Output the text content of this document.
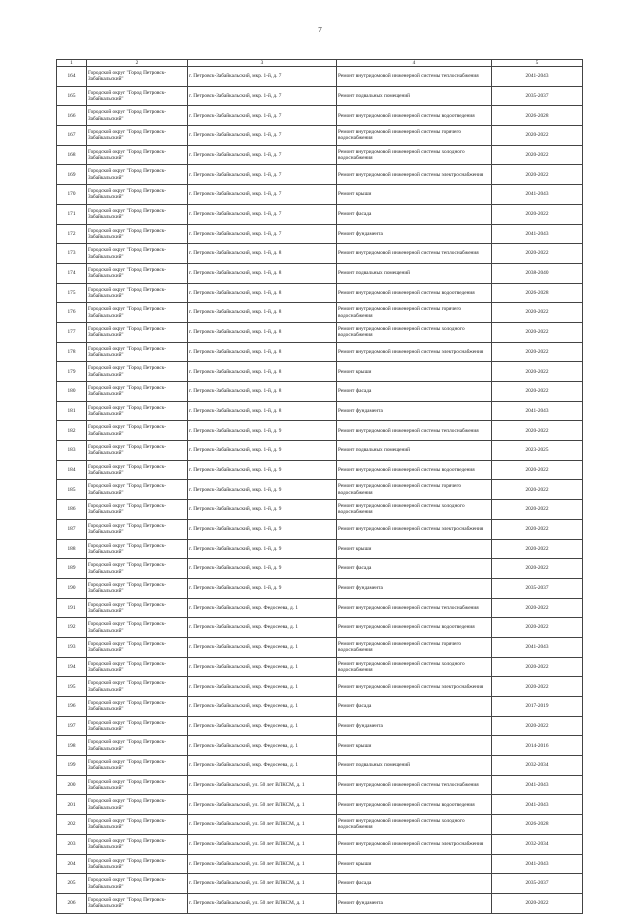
7
1	2	3	4	5
164	Городской округ "Город Петровск-Забайкальский"	г. Петровск-Забайкальский, мкр. 1-й, д. 7	Ремонт внутридомовой инженерной системы теплоснабжения	2041-2043
165	Городской округ "Город Петровск-Забайкальский"	г. Петровск-Забайкальский, мкр. 1-й, д. 7	Ремонт подвальных помещений	2035-2037
166	Городской округ "Город Петровск-Забайкальский"	г. Петровск-Забайкальский, мкр. 1-й, д. 7	Ремонт внутридомовой инженерной системы водоотведения	2026-2028
167	Городской округ "Город Петровск-Забайкальский"	г. Петровск-Забайкальский, мкр. 1-й, д. 7	Ремонт внутридомовой инженерной системы горячего водоснабжения	2020-2022
168	Городской округ "Город Петровск-Забайкальский"	г. Петровск-Забайкальский, мкр. 1-й, д. 7	Ремонт внутридомовой инженерной системы холодного водоснабжения	2020-2022
169	Городской округ "Город Петровск-Забайкальский"	г. Петровск-Забайкальский, мкр. 1-й, д. 7	Ремонт внутридомовой инженерной системы электроснабжения	2020-2022
170	Городской округ "Город Петровск-Забайкальский"	г. Петровск-Забайкальский, мкр. 1-й, д. 7	Ремонт крыши	2041-2043
171	Городской округ "Город Петровск-Забайкальский"	г. Петровск-Забайкальский, мкр. 1-й, д. 7	Ремонт фасада	2020-2022
172	Городской округ "Город Петровск-Забайкальский"	г. Петровск-Забайкальский, мкр. 1-й, д. 7	Ремонт фундамента	2041-2043
173	Городской округ "Город Петровск-Забайкальский"	г. Петровск-Забайкальский, мкр. 1-й, д. 8	Ремонт внутридомовой инженерной системы теплоснабжения	2020-2022
174	Городской округ "Город Петровск-Забайкальский"	г. Петровск-Забайкальский, мкр. 1-й, д. 8	Ремонт подвальных помещений	2038-2040
175	Городской округ "Город Петровск-Забайкальский"	г. Петровск-Забайкальский, мкр. 1-й, д. 8	Ремонт внутридомовой инженерной системы водоотведения	2026-2028
176	Городской округ "Город Петровск-Забайкальский"	г. Петровск-Забайкальский, мкр. 1-й, д. 8	Ремонт внутридомовой инженерной системы горячего водоснабжения	2020-2022
177	Городской округ "Город Петровск-Забайкальский"	г. Петровск-Забайкальский, мкр. 1-й, д. 8	Ремонт внутридомовой инженерной системы холодного водоснабжения	2020-2022
178	Городской округ "Город Петровск-Забайкальский"	г. Петровск-Забайкальский, мкр. 1-й, д. 8	Ремонт внутридомовой инженерной системы электроснабжения	2020-2022
179	Городской округ "Город Петровск-Забайкальский"	г. Петровск-Забайкальский, мкр. 1-й, д. 8	Ремонт крыши	2020-2022
180	Городской округ "Город Петровск-Забайкальский"	г. Петровск-Забайкальский, мкр. 1-й, д. 8	Ремонт фасада	2020-2022
181	Городской округ "Город Петровск-Забайкальский"	г. Петровск-Забайкальский, мкр. 1-й, д. 8	Ремонт фундамента	2041-2043
182	Городской округ "Город Петровск-Забайкальский"	г. Петровск-Забайкальский, мкр. 1-й, д. 9	Ремонт внутридомовой инженерной системы теплоснабжения	2020-2022
183	Городской округ "Город Петровск-Забайкальский"	г. Петровск-Забайкальский, мкр. 1-й, д. 9	Ремонт подвальных помещений	2023-2025
184	Городской округ "Город Петровск-Забайкальский"	г. Петровск-Забайкальский, мкр. 1-й, д. 9	Ремонт внутридомовой инженерной системы водоотведения	2020-2022
185	Городской округ "Город Петровск-Забайкальский"	г. Петровск-Забайкальский, мкр. 1-й, д. 9	Ремонт внутридомовой инженерной системы горячего водоснабжения	2020-2022
186	Городской округ "Город Петровск-Забайкальский"	г. Петровск-Забайкальский, мкр. 1-й, д. 9	Ремонт внутридомовой инженерной системы холодного водоснабжения	2020-2022
187	Городской округ "Город Петровск-Забайкальский"	г. Петровск-Забайкальский, мкр. 1-й, д. 9	Ремонт внутридомовой инженерной системы электроснабжения	2020-2022
188	Городской округ "Город Петровск-Забайкальский"	г. Петровск-Забайкальский, мкр. 1-й, д. 9	Ремонт крыши	2020-2022
189	Городской округ "Город Петровск-Забайкальский"	г. Петровск-Забайкальский, мкр. 1-й, д. 9	Ремонт фасада	2020-2022
190	Городской округ "Город Петровск-Забайкальский"	г. Петровск-Забайкальский, мкр. 1-й, д. 9	Ремонт фундамента	2035-2037
191	Городской округ "Город Петровск-Забайкальский"	г. Петровск-Забайкальский, мкр. Федосеева, д. 1	Ремонт внутридомовой инженерной системы теплоснабжения	2020-2022
192	Городской округ "Город Петровск-Забайкальский"	г. Петровск-Забайкальский, мкр. Федосеева, д. 1	Ремонт внутридомовой инженерной системы водоотведения	2020-2022
193	Городской округ "Город Петровск-Забайкальский"	г. Петровск-Забайкальский, мкр. Федосеева, д. 1	Ремонт внутридомовой инженерной системы горячего водоснабжения	2041-2043
194	Городской округ "Город Петровск-Забайкальский"	г. Петровск-Забайкальский, мкр. Федосеева, д. 1	Ремонт внутридомовой инженерной системы холодного водоснабжения	2020-2022
195	Городской округ "Город Петровск-Забайкальский"	г. Петровск-Забайкальский, мкр. Федосеева, д. 1	Ремонт внутридомовой инженерной системы электроснабжения	2020-2022
196	Городской округ "Город Петровск-Забайкальский"	г. Петровск-Забайкальский, мкр. Федосеева, д. 1	Ремонт фасада	2017-2019
197	Городской округ "Город Петровск-Забайкальский"	г. Петровск-Забайкальский, мкр. Федосеева, д. 1	Ремонт фундамента	2020-2022
198	Городской округ "Город Петровск-Забайкальский"	г. Петровск-Забайкальский, мкр. Федосеева, д. 1	Ремонт крыши	2014-2016
199	Городской округ "Город Петровск-Забайкальский"	г. Петровск-Забайкальский, мкр. Федосеева, д. 1	Ремонт подвальных помещений	2032-2034
200	Городской округ "Город Петровск-Забайкальский"	г. Петровск-Забайкальский, ул. 50 лет ВЛКСМ, д. 1	Ремонт внутридомовой инженерной системы теплоснабжения	2041-2043
201	Городской округ "Город Петровск-Забайкальский"	г. Петровск-Забайкальский, ул. 50 лет ВЛКСМ, д. 1	Ремонт внутридомовой инженерной системы водоотведения	2041-2043
202	Городской округ "Город Петровск-Забайкальский"	г. Петровск-Забайкальский, ул. 50 лет ВЛКСМ, д. 1	Ремонт внутридомовой инженерной системы холодного водоснабжения	2026-2028
203	Городской округ "Город Петровск-Забайкальский"	г. Петровск-Забайкальский, ул. 50 лет ВЛКСМ, д. 1	Ремонт внутридомовой инженерной системы электроснабжения	2032-2034
204	Городской округ "Город Петровск-Забайкальский"	г. Петровск-Забайкальский, ул. 50 лет ВЛКСМ, д. 1	Ремонт крыши	2041-2043
205	Городской округ "Город Петровск-Забайкальский"	г. Петровск-Забайкальский, ул. 50 лет ВЛКСМ, д. 1	Ремонт фасада	2035-2037
206	Городской округ "Город Петровск-Забайкальский"	г. Петровск-Забайкальский, ул. 50 лет ВЛКСМ, д. 1	Ремонт фундамента	2020-2022
